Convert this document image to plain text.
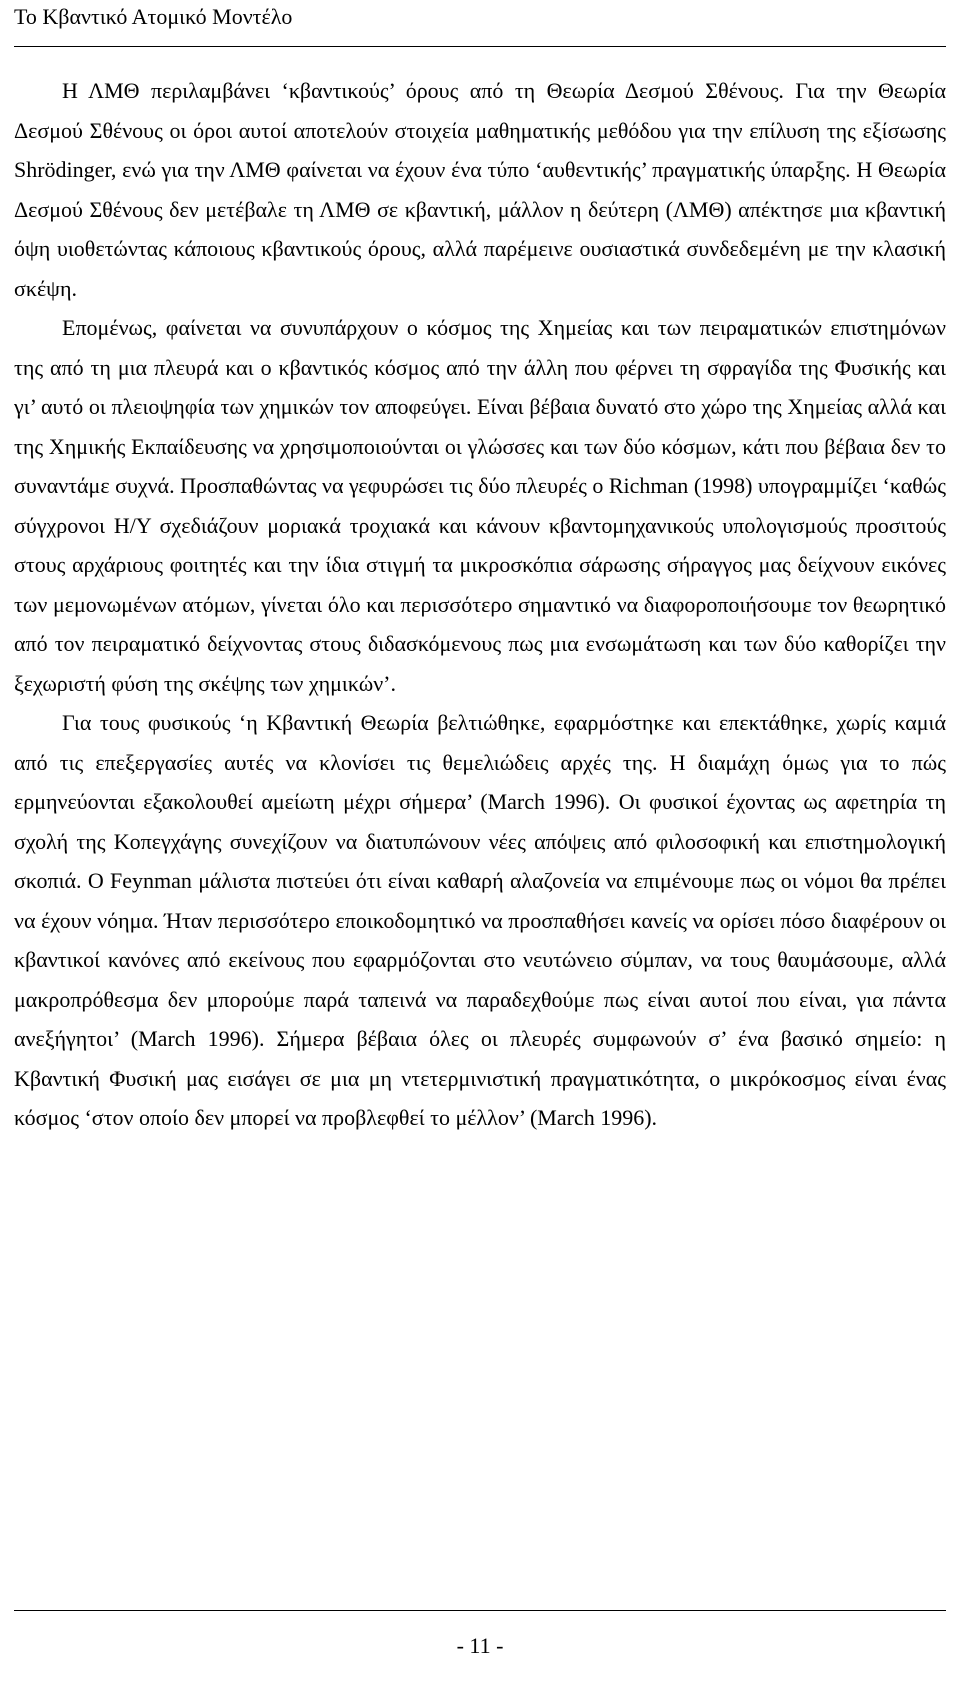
Το Κβαντικό Ατομικό Μοντέλο

Η ΛΜΘ περιλαμβάνει ‘κβαντικούς’ όρους από τη Θεωρία Δεσμού Σθένους. Για την Θεωρία Δεσμού Σθένους οι όροι αυτοί αποτελούν στοιχεία μαθηματικής μεθόδου για την επίλυση της εξίσωσης Shrödinger, ενώ για την ΛΜΘ φαίνεται να έχουν ένα τύπο ‘αυθεντικής’ πραγματικής ύπαρξης. Η Θεωρία Δεσμού Σθένους δεν μετέβαλε τη ΛΜΘ σε κβαντική, μάλλον η δεύτερη (ΛΜΘ) απέκτησε μια κβαντική όψη υιοθετώντας κάποιους κβαντικούς όρους, αλλά παρέμεινε ουσιαστικά συνδεδεμένη με την κλασική σκέψη.

Επομένως, φαίνεται να συνυπάρχουν ο κόσμος της Χημείας και των πειραματικών επιστημόνων της από τη μια πλευρά και ο κβαντικός κόσμος από την άλλη που φέρνει τη σφραγίδα της Φυσικής και γι’ αυτό οι πλειοψηφία των χημικών τον αποφεύγει. Είναι βέβαια δυνατό στο χώρο της Χημείας αλλά και της Χημικής Εκπαίδευσης να χρησιμοποιούνται οι γλώσσες και των δύο κόσμων, κάτι που βέβαια δεν το συναντάμε συχνά. Προσπαθώντας να γεφυρώσει τις δύο πλευρές ο Richman (1998) υπογραμμίζει ‘καθώς σύγχρονοι Η/Υ σχεδιάζουν μοριακά τροχιακά και κάνουν κβαντομηχανικούς υπολογισμούς προσιτούς στους αρχάριους φοιτητές και την ίδια στιγμή τα μικροσκόπια σάρωσης σήραγγος μας δείχνουν εικόνες των μεμονωμένων ατόμων, γίνεται όλο και περισσότερο σημαντικό να διαφοροποιήσουμε τον θεωρητικό από τον πειραματικό δείχνοντας στους διδασκόμενους πως μια ενσωμάτωση και των δύο καθορίζει την ξεχωριστή φύση της σκέψης των χημικών’.

Για τους φυσικούς ‘η Κβαντική Θεωρία βελτιώθηκε, εφαρμόστηκε και επεκτάθηκε, χωρίς καμιά από τις επεξεργασίες αυτές να κλονίσει τις θεμελιώδεις αρχές της. Η διαμάχη όμως για το πώς ερμηνεύονται εξακολουθεί αμείωτη μέχρι σήμερα’ (March 1996). Οι φυσικοί έχοντας ως αφετηρία τη σχολή της Κοπεγχάγης συνεχίζουν να διατυπώνουν νέες απόψεις από φιλοσοφική και επιστημολογική σκοπιά. Ο Feynman μάλιστα πιστεύει ότι είναι καθαρή αλαζονεία να επιμένουμε πως οι νόμοι θα πρέπει να έχουν νόημα. Ήταν περισσότερο εποικοδομητικό να προσπαθήσει κανείς να ορίσει πόσο διαφέρουν οι κβαντικοί κανόνες από εκείνους που εφαρμόζονται στο νευτώνειο σύμπαν, να τους θαυμάσουμε, αλλά μακροπρόθεσμα δεν μπορούμε παρά ταπεινά να παραδεχθούμε πως είναι αυτοί που είναι, για πάντα ανεξήγητοι’ (March 1996). Σήμερα βέβαια όλες οι πλευρές συμφωνούν σ’ ένα βασικό σημείο: η Κβαντική Φυσική μας εισάγει σε μια μη ντετερμινιστική πραγματικότητα, ο μικρόκοσμος είναι ένας κόσμος ‘στον οποίο δεν μπορεί να προβλεφθεί το μέλλον’ (March 1996).

- 11 -
